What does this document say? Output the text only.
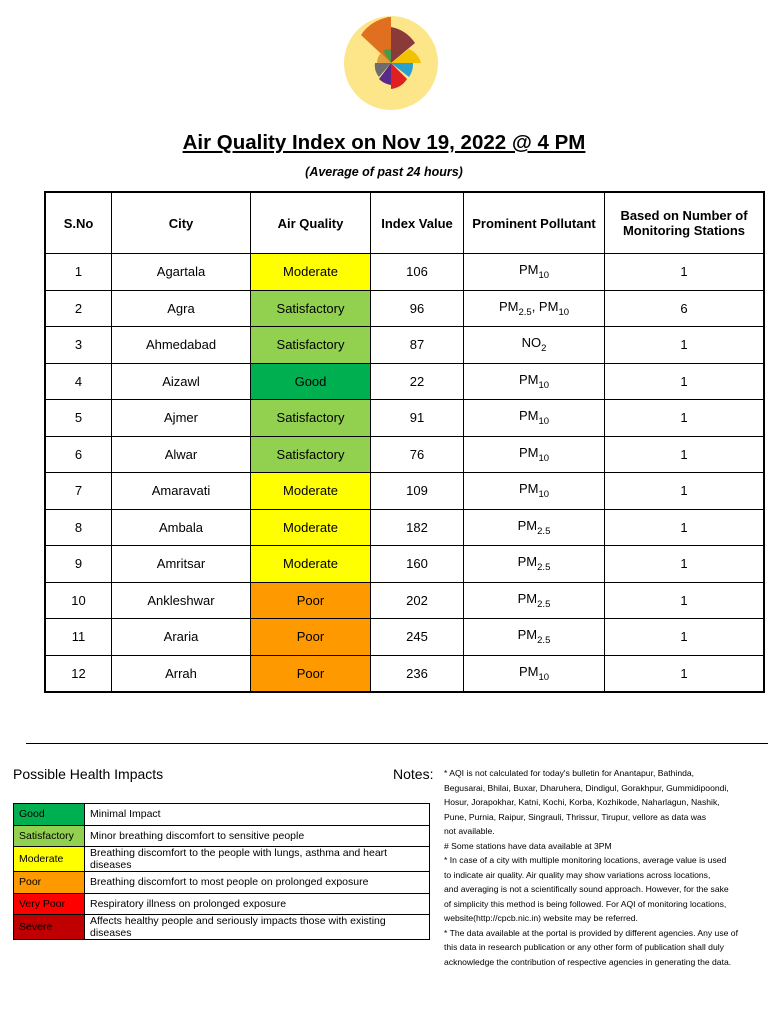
Air Quality Index on Nov 19, 2022 @ 4 PM
(Average of past 24 hours)
S.No	City	Air Quality	Index Value	Prominent Pollutant	Based on Number of Monitoring Stations
1	Agartala	Moderate	106	$PM_{10}$	1
2	Agra	Satisfactory	96	$PM_{2.5}$, $PM_{10}$	6
3	Ahmedabad	Satisfactory	87	$NO_2$	1
4	Aizawl	Good	22	$PM_{10}$	1
5	Ajmer	Satisfactory	91	$PM_{10}$	1
6	Alwar	Satisfactory	76	$PM_{10}$	1
7	Amaravati	Moderate	109	$PM_{10}$	1
8	Ambala	Moderate	182	$PM_{2.5}$	1
9	Amritsar	Moderate	160	$PM_{2.5}$	1
10	Ankleshwar	Poor	202	$PM_{2.5}$	1
11	Araria	Poor	245	$PM_{2.5}$	1
12	Arrah	Poor	236	$PM_{10}$	1
Possible Health Impacts
Good	Minimal Impact
Satisfactory	Minor breathing discomfort to sensitive people
Moderate	Breathing discomfort to the people with lungs, asthma and heart diseases
Poor	Breathing discomfort to most people on prolonged exposure
Very Poor	Respiratory illness on prolonged exposure
Severe	Affects healthy people and seriously impacts those with existing diseases
Notes: * AQI is not calculated for today's bulletin for Anantapur, Bathinda,
Begusarai, Bhilai, Buxar, Dharuhera, Dindigul, Gorakhpur, Gummidipoondi,
Hosur, Jorapokhar, Katni, Kochi, Korba, Kozhikode, Naharlagun, Nashik,
Pune, Purnia, Raipur, Singrauli, Thrissur, Tirupur, vellore as data was
not available.
# Some stations have data available at 3PM
* In case of a city with multiple monitoring locations, average value is used
to indicate air quality. Air quality may show variations across locations,
and averaging is not a scientifically sound approach. However, for the sake
of simplicity this method is being followed. For AQI of monitoring locations,
website(http://cpcb.nic.in) website may be referred.
* The data available at the portal is provided by different agencies. Any use of
this data in research publication or any other form of publication shall duly
acknowledge the contribution of respective agencies in generating the data.
